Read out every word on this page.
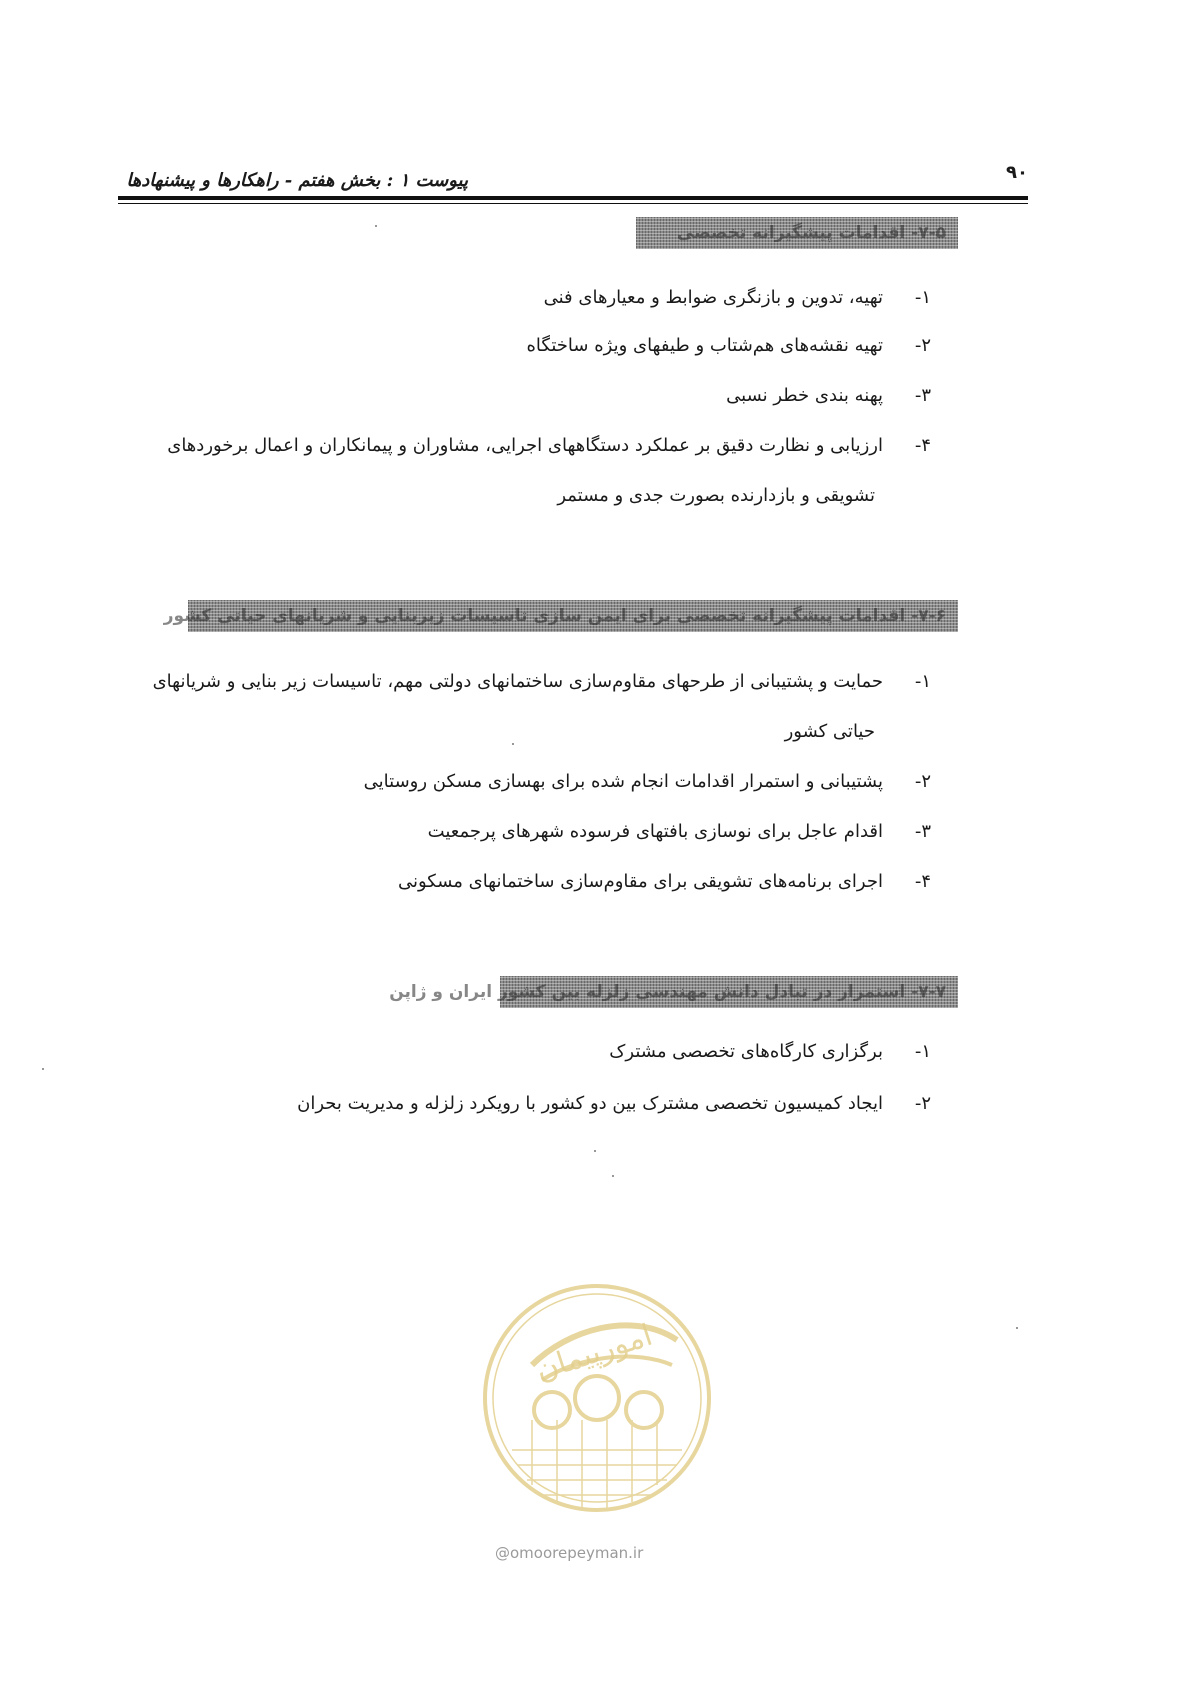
پیوست ۱ : بخش هفتم - راهکارها و پیشنهادها	۹۰
۷-۵- اقدامات پیشگیرانه تخصصی
۱-تهیه، تدوین و بازنگری ضوابط و معیارهای فنی
۲-تهیه نقشه‌های هم‌شتاب و طیفهای ویژه ساختگاه
۳-پهنه بندی خطر نسبی
۴-ارزیابی و نظارت دقیق بر عملکرد دستگاههای اجرایی، مشاوران و پیمانکاران و اعمال برخوردهای
تشویقی و بازدارنده بصورت جدی و مستمر
۷-۶- اقدامات پیشگیرانه تخصصی برای ایمن سازی تاسیسات زیربنایی و شریانهای حیاتی کشور
۱-حمایت و پشتیبانی از طرحهای مقاوم‌سازی ساختمانهای دولتی مهم، تاسیسات زیر بنایی و شریانهای
حیاتی کشور
۲-پشتیبانی و استمرار اقدامات انجام شده برای بهسازی مسکن روستایی
۳-اقدام عاجل برای نوسازی بافتهای فرسوده شهرهای پرجمعیت
۴-اجرای برنامه‌های تشویقی برای مقاوم‌سازی ساختمانهای مسکونی
۷-۷- استمرار در تبادل دانش مهندسی زلزله بین کشور ایران و ژاپن
۱-برگزاری کارگاه‌های تخصصی مشترک
۲-ایجاد کمیسیون تخصصی مشترک بین دو کشور با رویکرد زلزله و مدیریت بحران
امورپیمان
@omoorepeyman.ir
